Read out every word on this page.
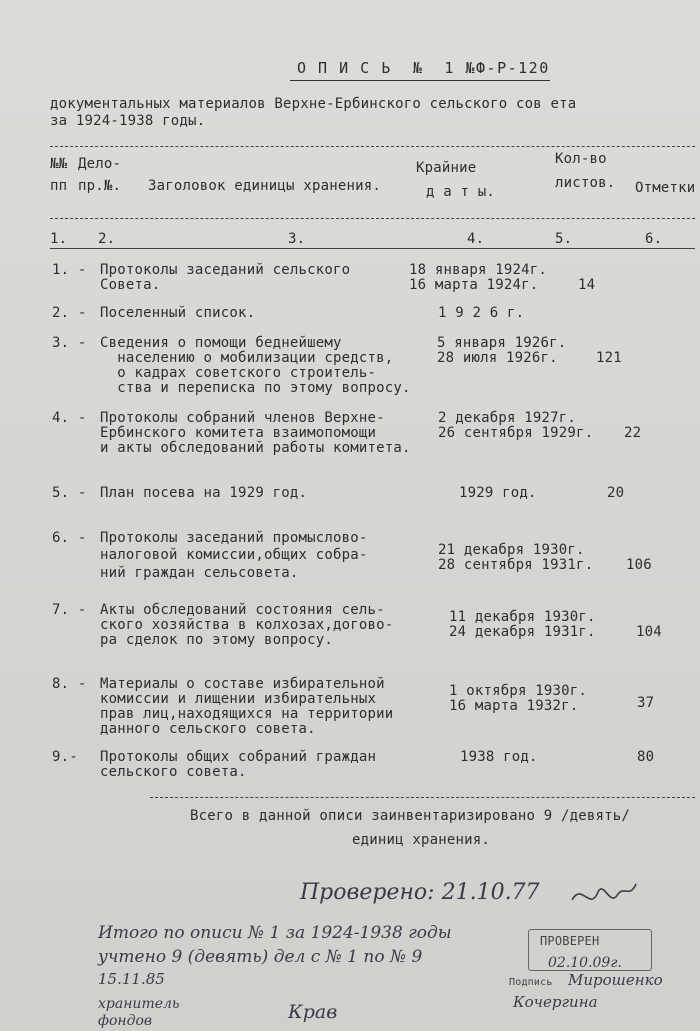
О П И С Ь  №  1 №Ф-Р-120
документальных материалов Верхне-Ербинского сельского сов ета
за 1924-1938 годы.
№№
пп
Дело-
пр.№. Заголовок единицы хранения.
Крайние
д а т ы.
Кол-во
листов. Отметки
1. 2.	3.	4.	5.	6.
1. - Протоколы заседаний сельского
Совета.
18 января 1924г.
16 марта 1924г.	14
2. - Поселенный список.	1 9 2 6 г.
3. - Сведения о помощи беднейшему
населению о мобилизации средств,
о кадрах советского строитель-
ства и переписка по этому вопросу.
5 января 1926г.
28 июля 1926г.	121
4. - Протоколы собраний членов Верхне-
Ербинского комитета взаимопомощи
и акты обследований работы комитета.
2 декабря 1927г.
26 сентября 1929г. 22
5. - План посева на 1929 год.	1929 год.	20
6. - Протоколы заседаний промыслово-
налоговой комиссии,общих собра-
ний граждан сельсовета.
21 декабря 1930г.
28 сентября 1931г. 106
7. - Акты обследований состояния сель-
ского хозяйства в колхозах,догово-
ра сделок по этому вопросу.
11 декабря 1930г.
24 декабря 1931г.	104
8. - Материалы о составе избирательной
комиссии и лищении избирательных
прав лиц,находящихся на территории
данного сельского совета.
1 октября 1930г.
16 марта 1932г.	37
9.- Протоколы общих собраний граждан
сельского совета.
1938 год.	80
Всего в данной описи заинвентаризировано 9 /девять/
единиц хранения.
Проверено: 21.10.77
Итого по описи № 1 за 1924-1938 годы
учтено 9 (девять) дел с № 1 по № 9
15.11.85
хранитель
фондов	Крав
ПРОВЕРЕН
02.10.09г.
Подпись Мирошенко
Кочергина
